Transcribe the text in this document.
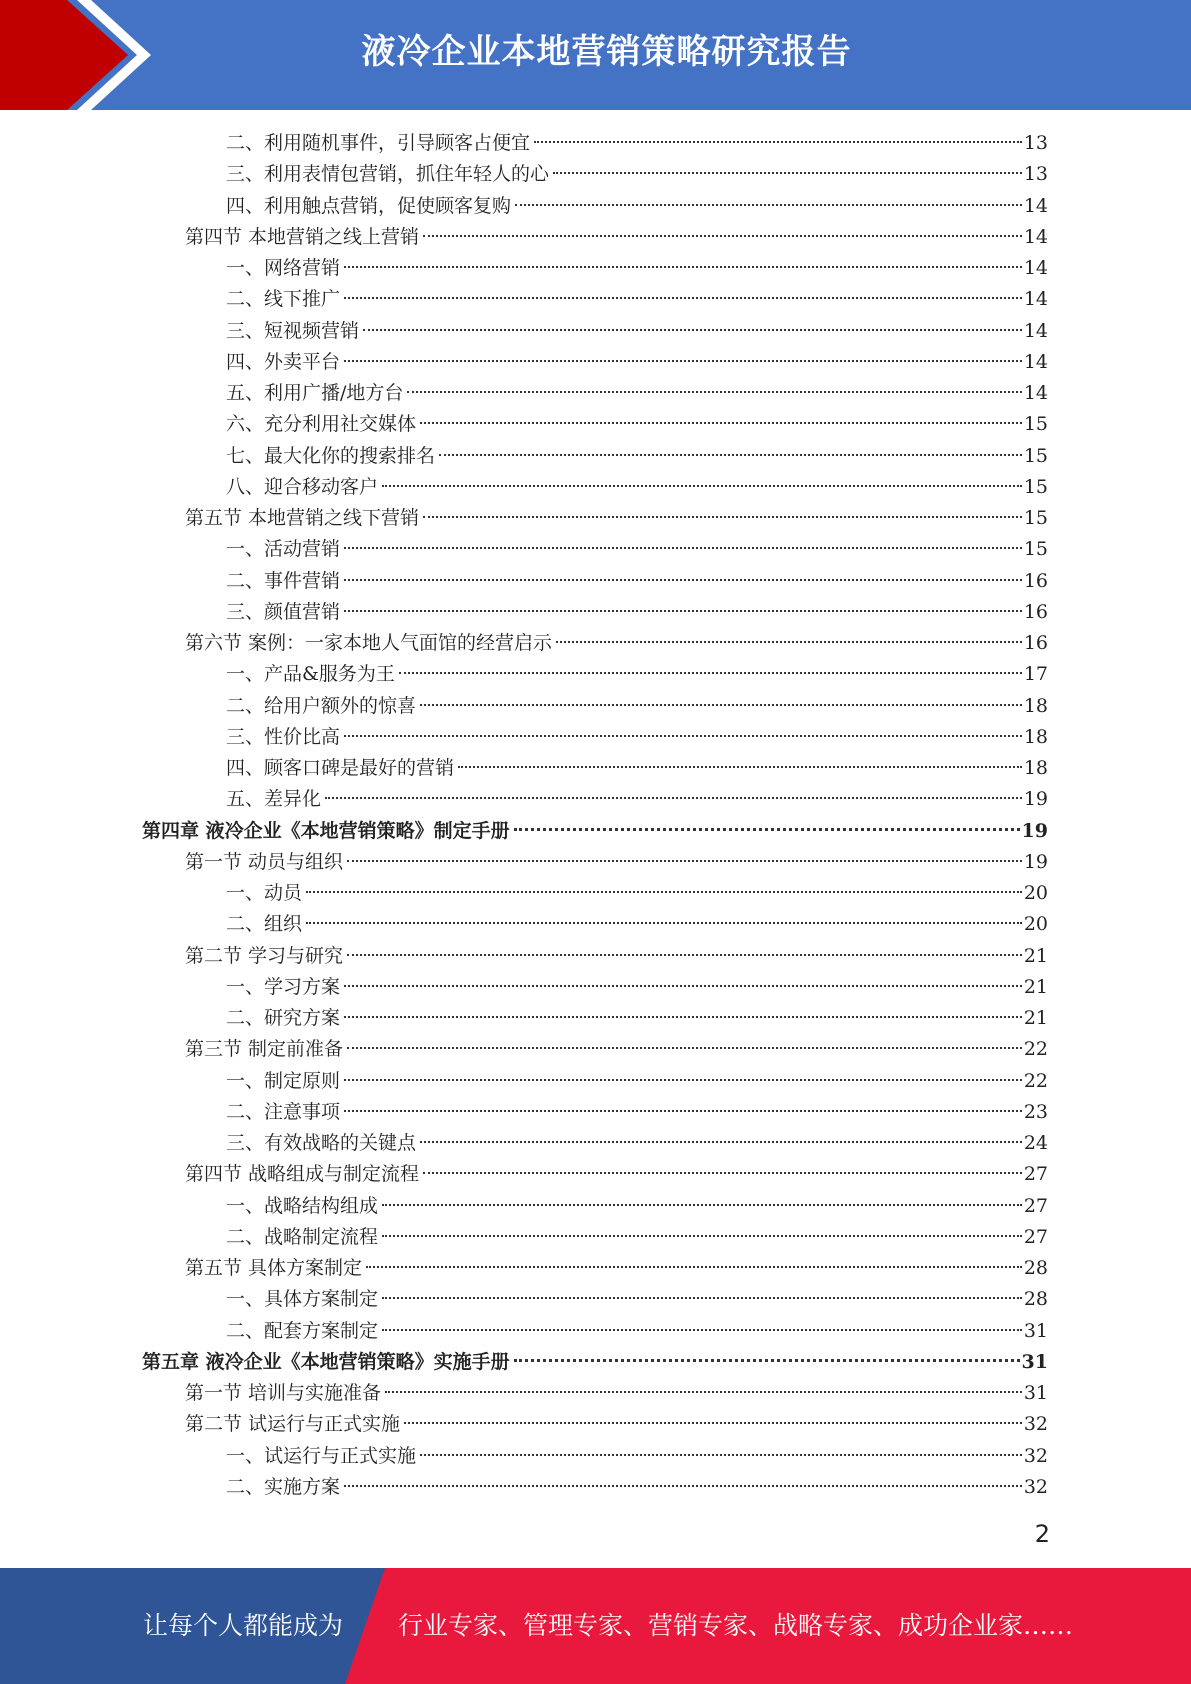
液冷企业本地营销策略研究报告
二、利用随机事件，引导顾客占便宜	13
三、利用表情包营销，抓住年轻人的心	13
四、利用触点营销，促使顾客复购	14
第四节 本地营销之线上营销	14
一、网络营销	14
二、线下推广	14
三、短视频营销	14
四、外卖平台	14
五、利用广播/地方台	14
六、充分利用社交媒体	15
七、最大化你的搜索排名	15
八、迎合移动客户	15
第五节 本地营销之线下营销	15
一、活动营销	15
二、事件营销	16
三、颜值营销	16
第六节 案例：一家本地人气面馆的经营启示	16
一、产品&服务为王	17
二、给用户额外的惊喜	18
三、性价比高	18
四、顾客口碑是最好的营销	18
五、差异化	19
第四章 液冷企业《本地营销策略》制定手册	19
第一节 动员与组织	19
一、动员	20
二、组织	20
第二节 学习与研究	21
一、学习方案	21
二、研究方案	21
第三节 制定前准备	22
一、制定原则	22
二、注意事项	23
三、有效战略的关键点	24
第四节 战略组成与制定流程	27
一、战略结构组成	27
二、战略制定流程	27
第五节 具体方案制定	28
一、具体方案制定	28
二、配套方案制定	31
第五章 液冷企业《本地营销策略》实施手册	31
第一节 培训与实施准备	31
第二节 试运行与正式实施	32
一、试运行与正式实施	32
二、实施方案	32
2
让每个人都能成为 行业专家、管理专家、营销专家、战略专家、成功企业家……
